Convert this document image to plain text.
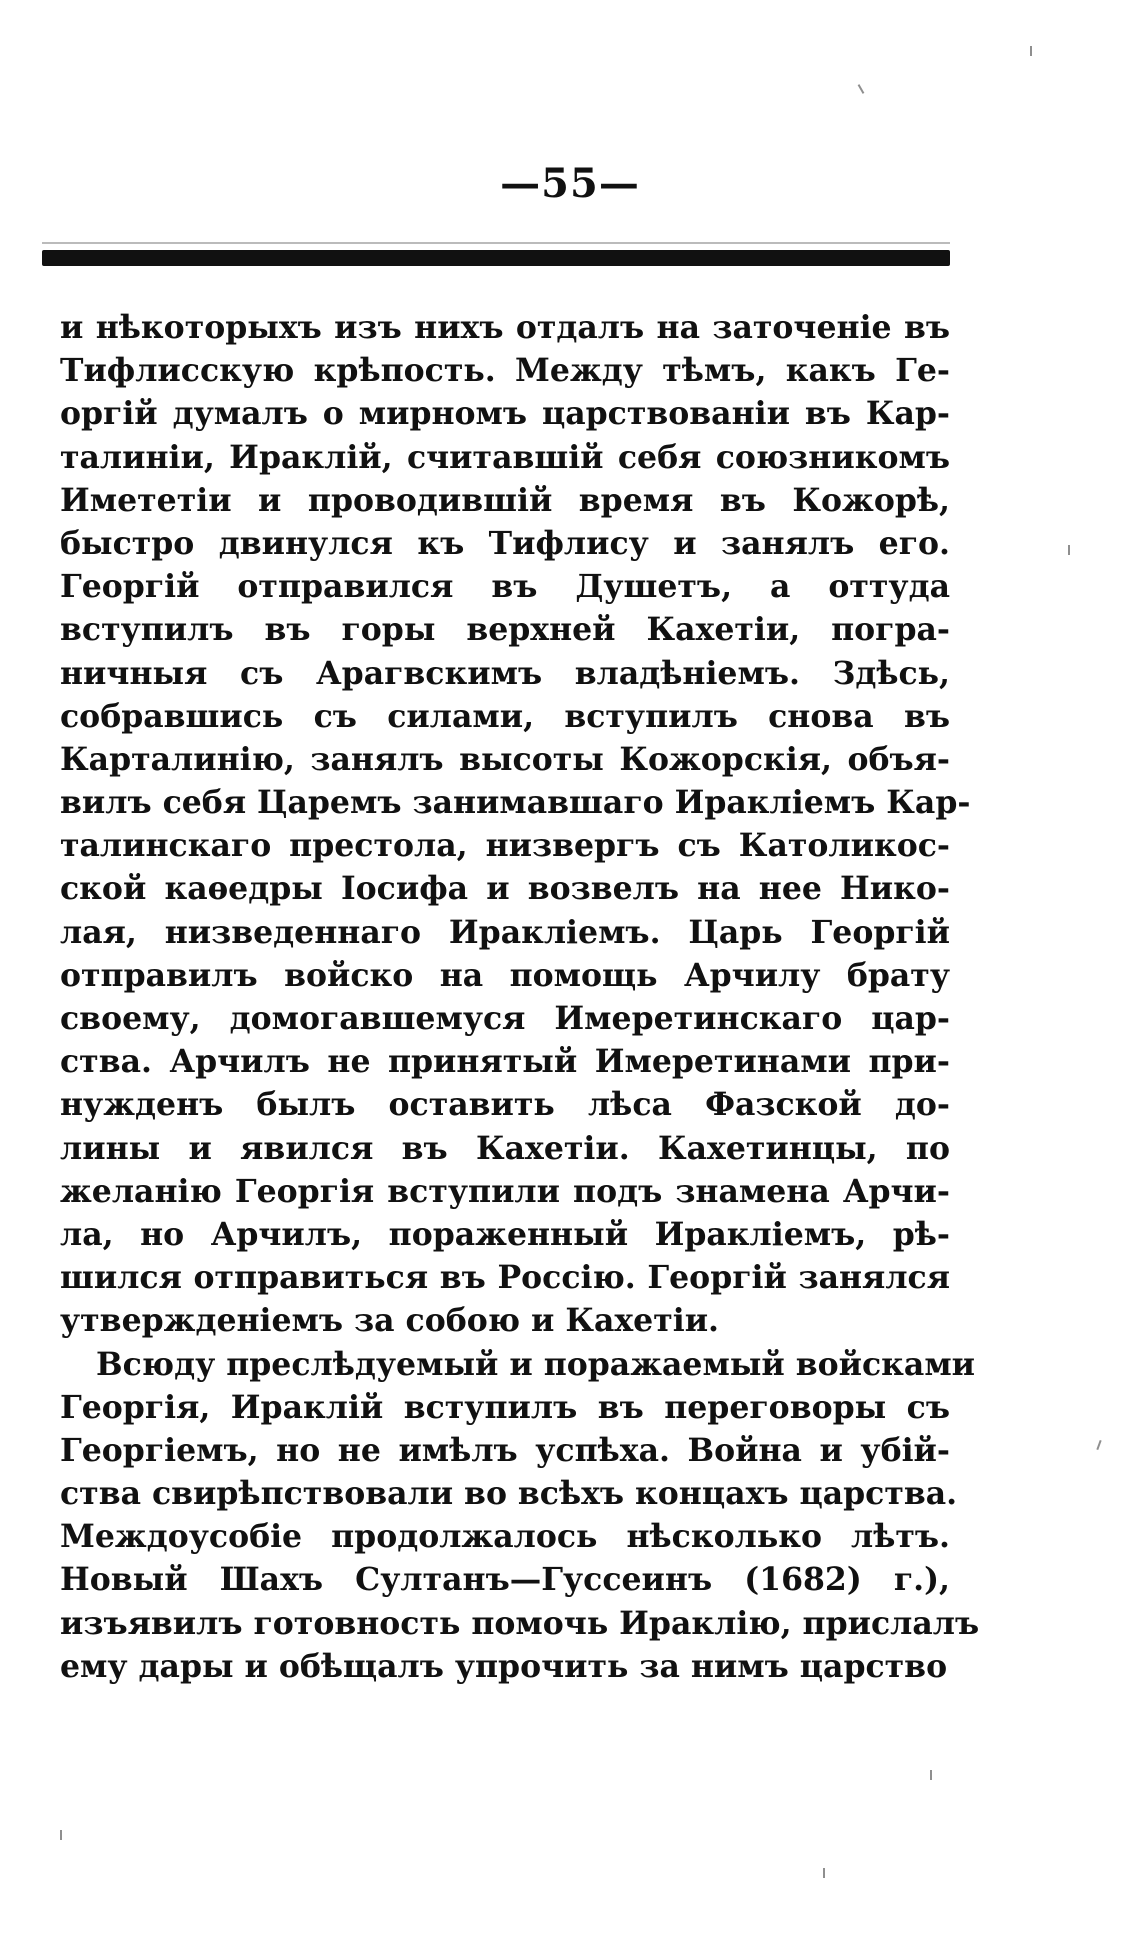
—55—
и нѣкоторыхъ изъ нихъ отдалъ на заточеніе въ
Тифлисскую крѣпость. Между тѣмъ, какъ Ге-
оргій думалъ о мирномъ царствованіи въ Кар-
талиніи, Ираклій, считавшій себя союзникомъ
Имететіи и проводившій время въ Кожорѣ,
быстро двинулся къ Тифлису и занялъ его.
Георгій отправился въ Душетъ, а оттуда
вступилъ въ горы верхней Кахетіи, погра-
ничныя съ Арагвскимъ владѣніемъ. Здѣсь,
собравшись съ силами, вступилъ снова въ
Карталинію, занялъ высоты Кожорскія, объя-
вилъ себя Царемъ занимавшаго Ираклiемъ Кар-
талинскаго престола, низвергъ съ Католикос-
ской каѳедры Іосифа и возвелъ на нее Нико-
лая, низведеннаго Ираклiемъ. Царь Георгій
отправилъ войско на помощь Арчилу брату
своему, домогавшемуся Имеретинскаго цар-
ства. Арчилъ не принятый Имеретинами при-
нужденъ былъ оставить лѣса Фазской до-
лины и явился въ Кахетіи. Кахетинцы, по
желанію Георгія вступили подъ знамена Арчи-
ла, но Арчилъ, пораженный Ираклiемъ, рѣ-
шился отправиться въ Россію. Георгій занялся
утвержденіемъ за собою и Кахетіи.
Всюду преслѣдуемый и поражаемый войсками
Георгія, Ираклій вступилъ въ переговоры съ
Георгіемъ, но не имѣлъ успѣха. Война и убій-
ства свирѣпствовали во всѣхъ концахъ царства.
Междоусобіе продолжалось нѣсколько лѣтъ.
Новый Шахъ Султанъ—Гуссеинъ (1682) г.),
изъявилъ готовность помочь Ираклію, прислалъ
ему дары и обѣщалъ упрочить за нимъ царство
